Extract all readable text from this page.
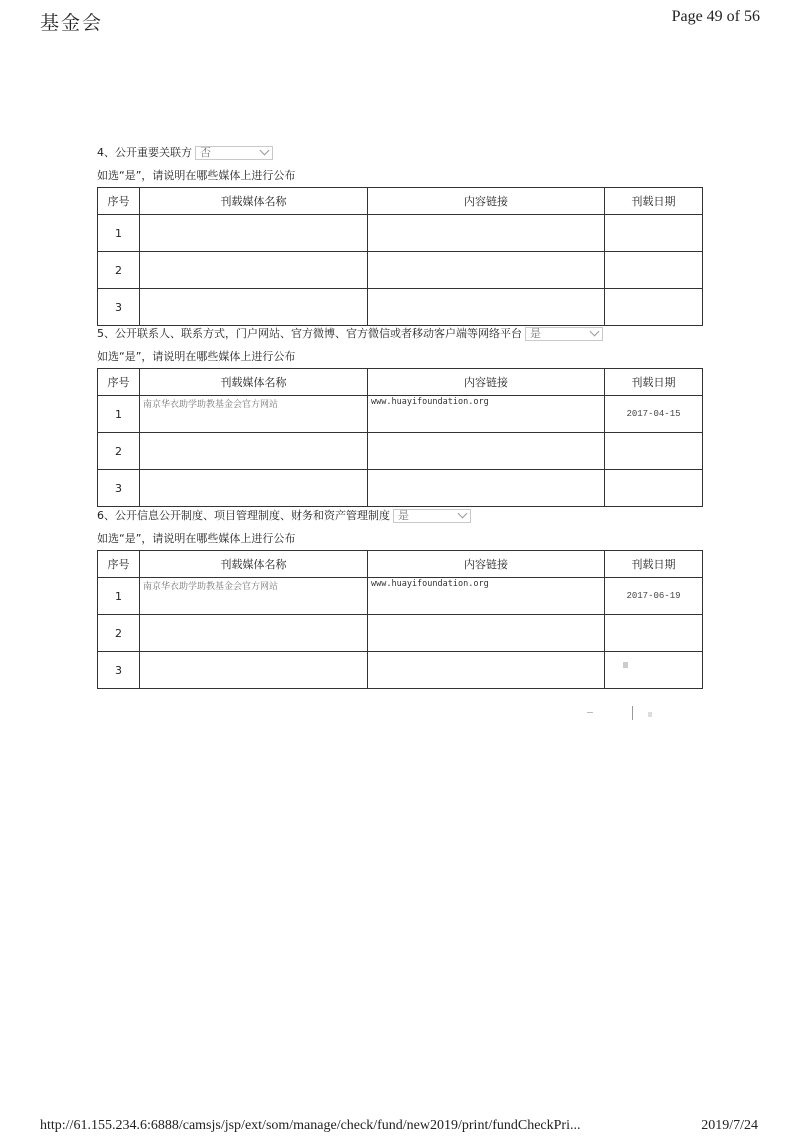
基金会	Page 49 of 56
4、公开重要关联方 否
如选“是”，请说明在哪些媒体上进行公布
序号	刊载媒体名称	内容链接	刊载日期
1			
2			
3			
5、公开联系人、联系方式，门户网站、官方微博、官方微信或者移动客户端等网络平台 是
如选“是”，请说明在哪些媒体上进行公布
序号	刊载媒体名称	内容链接	刊载日期
1	南京华衣助学助教基金会官方网站	www.huayifoundation.org	2017-04-15
2			
3			
6、公开信息公开制度、项目管理制度、财务和资产管理制度 是
如选“是”，请说明在哪些媒体上进行公布
序号	刊载媒体名称	内容链接	刊载日期
1	南京华衣助学助教基金会官方网站	www.huayifoundation.org	2017-06-19
2			
3			
http://61.155.234.6:6888/camsjs/jsp/ext/som/manage/check/fund/new2019/print/fundCheckPri...	2019/7/24
